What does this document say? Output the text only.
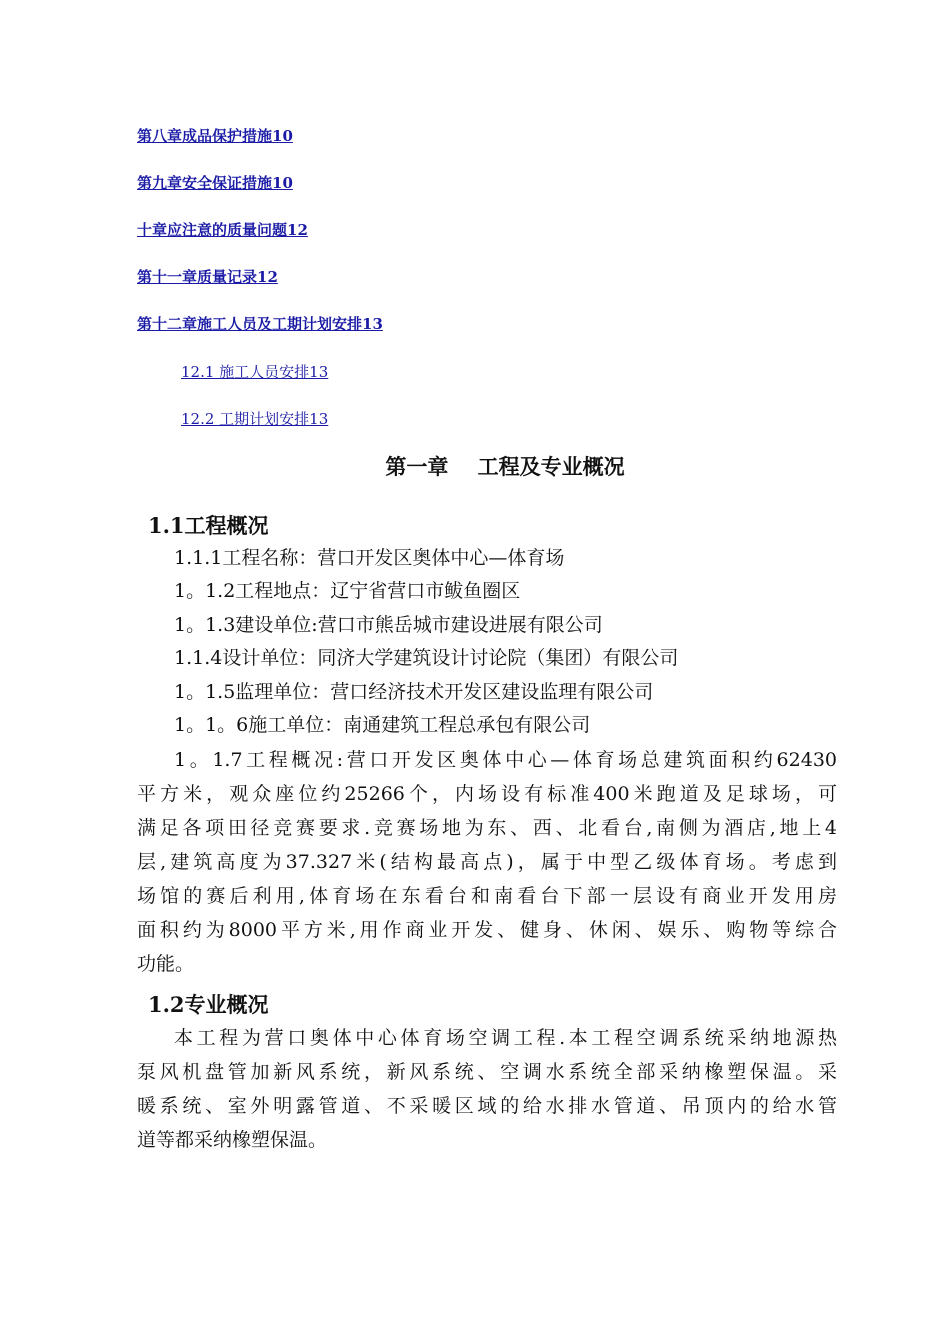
第八章成品保护措施10
第九章安全保证措施10
十章应注意的质量问题12
第十一章质量记录12
第十二章施工人员及工期计划安排13
12.1 施工人员安排13
12.2 工期计划安排13
第一章    工程及专业概况
1.1工程概况
1.1.1工程名称：营口开发区奥体中心—体育场
1。1.2工程地点：辽宁省营口市鲅鱼圈区
1。1.3建设单位:营口市熊岳城市建设进展有限公司
1.1.4设计单位：同济大学建筑设计讨论院（集团）有限公司
1。1.5监理单位：营口经济技术开发区建设监理有限公司
1。1。6施工单位：南通建筑工程总承包有限公司
1。1.7工程概况:营口开发区奥体中心—体育场总建筑面积约62430
平方米，观众座位约25266个，内场设有标准400米跑道及足球场，可
满足各项田径竞赛要求.竞赛场地为东、西、北看台,南侧为酒店,地上4
层,建筑高度为37.327米(结构最高点)，属于中型乙级体育场。考虑到
场馆的赛后利用,体育场在东看台和南看台下部一层设有商业开发用房
面积约为8000平方米,用作商业开发、健身、休闲、娱乐、购物等综合
功能。
1.2专业概况
本工程为营口奥体中心体育场空调工程.本工程空调系统采纳地源热
泵风机盘管加新风系统，新风系统、空调水系统全部采纳橡塑保温。采
暖系统、室外明露管道、不采暖区域的给水排水管道、吊顶内的给水管
道等都采纳橡塑保温。
